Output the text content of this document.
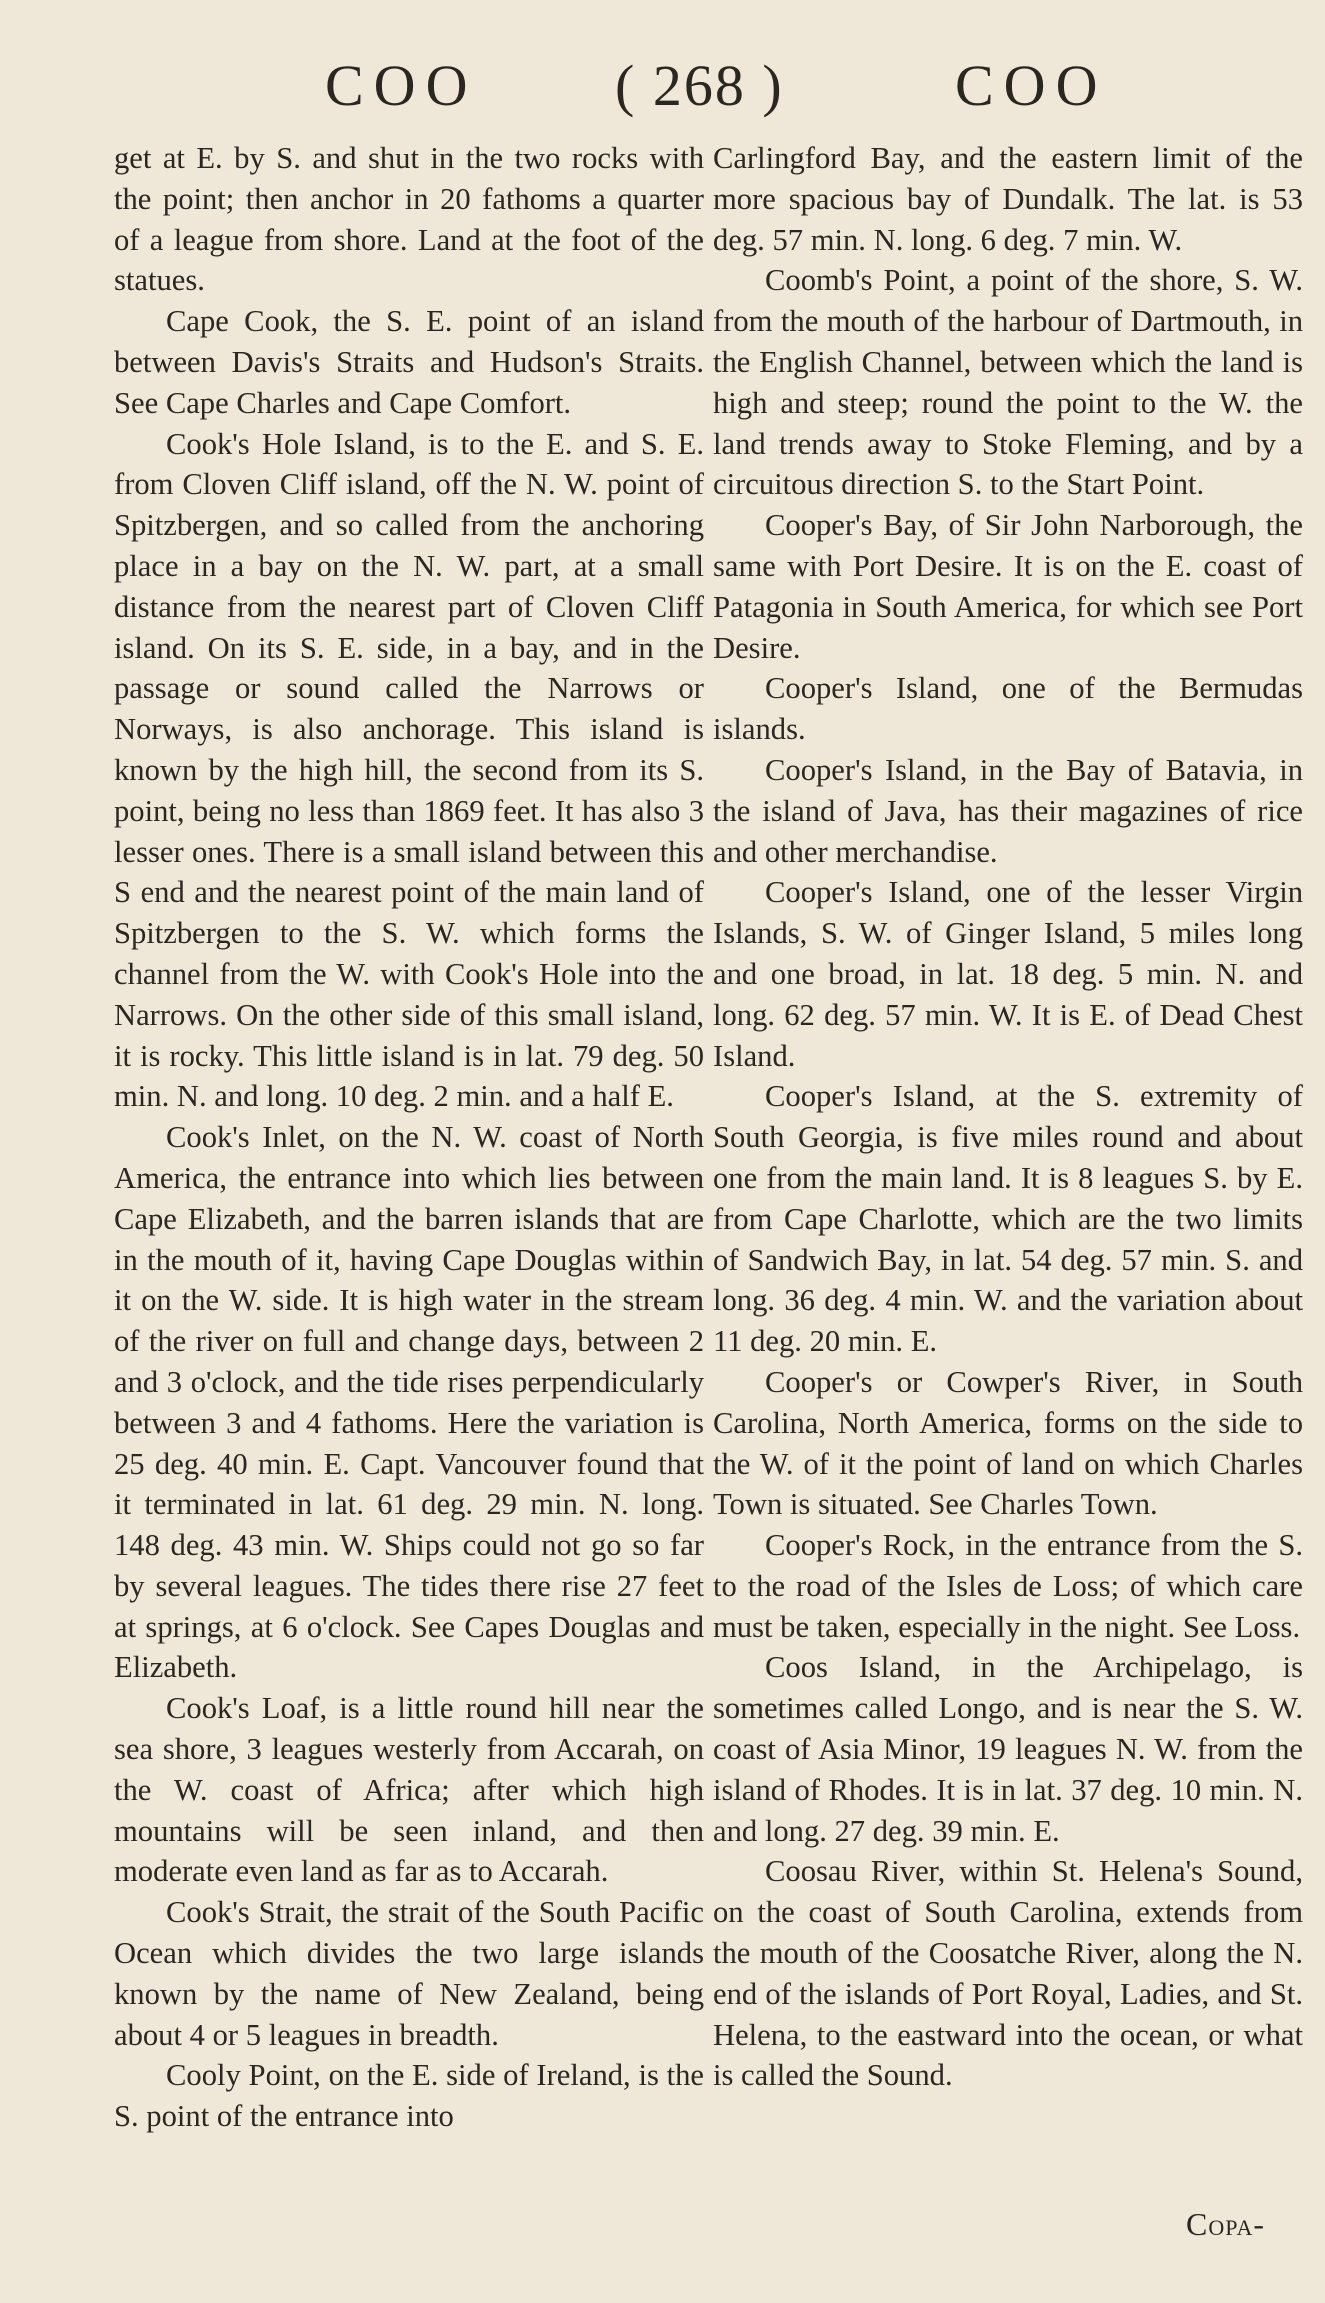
COO ( 268 )	COO

get at E. by S. and shut in the two rocks with the point; then anchor in 20 fathoms a quarter of a league from shore. Land at the foot of the statues.

Cape Cook, the S. E. point of an island between Davis's Straits and Hudson's Straits. See Cape Charles and Cape Comfort.

Cook's Hole Island, is to the E. and S. E. from Cloven Cliff island, off the N. W. point of Spitzbergen, and so called from the anchoring place in a bay on the N. W. part, at a small distance from the nearest part of Cloven Cliff island. On its S. E. side, in a bay, and in the passage or sound called the Narrows or Norways, is also anchorage. This island is known by the high hill, the second from its S. point, being no less than 1869 feet. It has also 3 lesser ones. There is a small island between this S end and the nearest point of the main land of Spitzbergen to the S. W. which forms the channel from the W. with Cook's Hole into the Narrows. On the other side of this small island, it is rocky. This little island is in lat. 79 deg. 50 min. N. and long. 10 deg. 2 min. and a half E.

Cook's Inlet, on the N. W. coast of North America, the entrance into which lies between Cape Elizabeth, and the barren islands that are in the mouth of it, having Cape Douglas within it on the W. side. It is high water in the stream of the river on full and change days, between 2 and 3 o'clock, and the tide rises perpendicularly between 3 and 4 fathoms. Here the variation is 25 deg. 40 min. E. Capt. Vancouver found that it terminated in lat. 61 deg. 29 min. N. long. 148 deg. 43 min. W. Ships could not go so far by several leagues. The tides there rise 27 feet at springs, at 6 o'clock. See Capes Douglas and Elizabeth.

Cook's Loaf, is a little round hill near the sea shore, 3 leagues westerly from Accarah, on the W. coast of Africa; after which high mountains will be seen inland, and then moderate even land as far as to Accarah.

Cook's Strait, the strait of the South Pacific Ocean which divides the two large islands known by the name of New Zealand, being about 4 or 5 leagues in breadth.

Cooly Point, on the E. side of Ireland, is the S. point of the entrance into

Carlingford Bay, and the eastern limit of the more spacious bay of Dundalk. The lat. is 53 deg. 57 min. N. long. 6 deg. 7 min. W.

Coomb's Point, a point of the shore, S. W. from the mouth of the harbour of Dartmouth, in the English Channel, between which the land is high and steep; round the point to the W. the land trends away to Stoke Fleming, and by a circuitous direction S. to the Start Point.

Cooper's Bay, of Sir John Narborough, the same with Port Desire. It is on the E. coast of Patagonia in South America, for which see Port Desire.

Cooper's Island, one of the Bermudas islands.

Cooper's Island, in the Bay of Batavia, in the island of Java, has their magazines of rice and other merchandise.

Cooper's Island, one of the lesser Virgin Islands, S. W. of Ginger Island, 5 miles long and one broad, in lat. 18 deg. 5 min. N. and long. 62 deg. 57 min. W. It is E. of Dead Chest Island.

Cooper's Island, at the S. extremity of South Georgia, is five miles round and about one from the main land. It is 8 leagues S. by E. from Cape Charlotte, which are the two limits of Sandwich Bay, in lat. 54 deg. 57 min. S. and long. 36 deg. 4 min. W. and the variation about 11 deg. 20 min. E.

Cooper's or Cowper's River, in South Carolina, North America, forms on the side to the W. of it the point of land on which Charles Town is situated. See Charles Town.

Cooper's Rock, in the entrance from the S. to the road of the Isles de Loss; of which care must be taken, especially in the night. See Loss.

Coos Island, in the Archipelago, is sometimes called Longo, and is near the S. W. coast of Asia Minor, 19 leagues N. W. from the island of Rhodes. It is in lat. 37 deg. 10 min. N. and long. 27 deg. 39 min. E.

Coosau River, within St. Helena's Sound, on the coast of South Carolina, extends from the mouth of the Coosatche River, along the N. end of the islands of Port Royal, Ladies, and St. Helena, to the eastward into the ocean, or what is called the Sound.

Copa-
